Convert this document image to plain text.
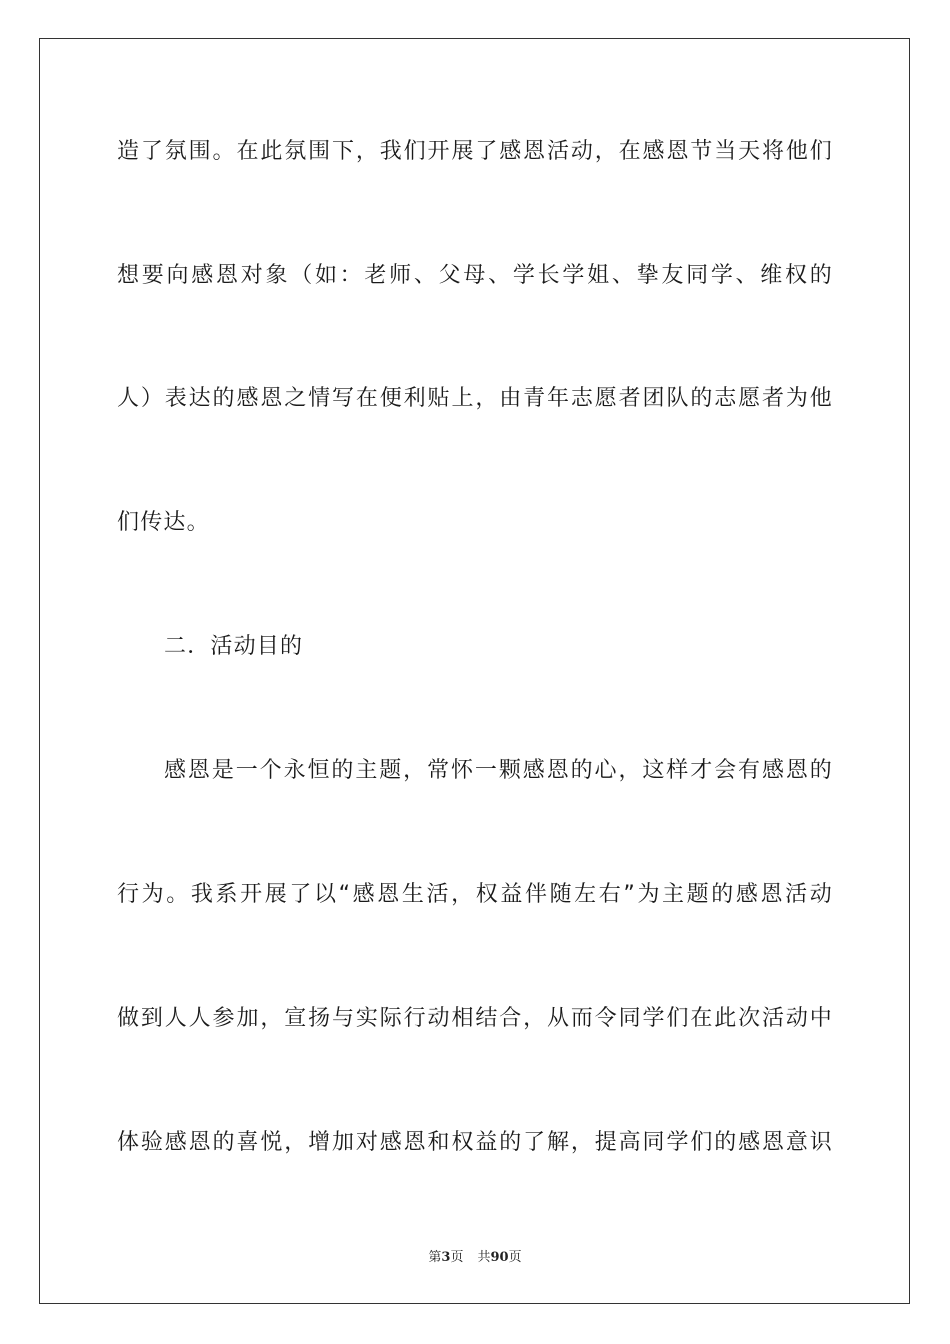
造了氛围。在此氛围下，我们开展了感恩活动，在感恩节当天将他们
想要向感恩对象（如：老师、父母、学长学姐、挚友同学、维权的
人）表达的感恩之情写在便利贴上，由青年志愿者团队的志愿者为他
们传达。
二．活动目的
感恩是一个永恒的主题，常怀一颗感恩的心，这样才会有感恩的
行为。我系开展了以“感恩生活，权益伴随左右”为主题的感恩活动
做到人人参加，宣扬与实际行动相结合，从而令同学们在此次活动中
体验感恩的喜悦，增加对感恩和权益的了解，提高同学们的感恩意识
第3页 共90页
